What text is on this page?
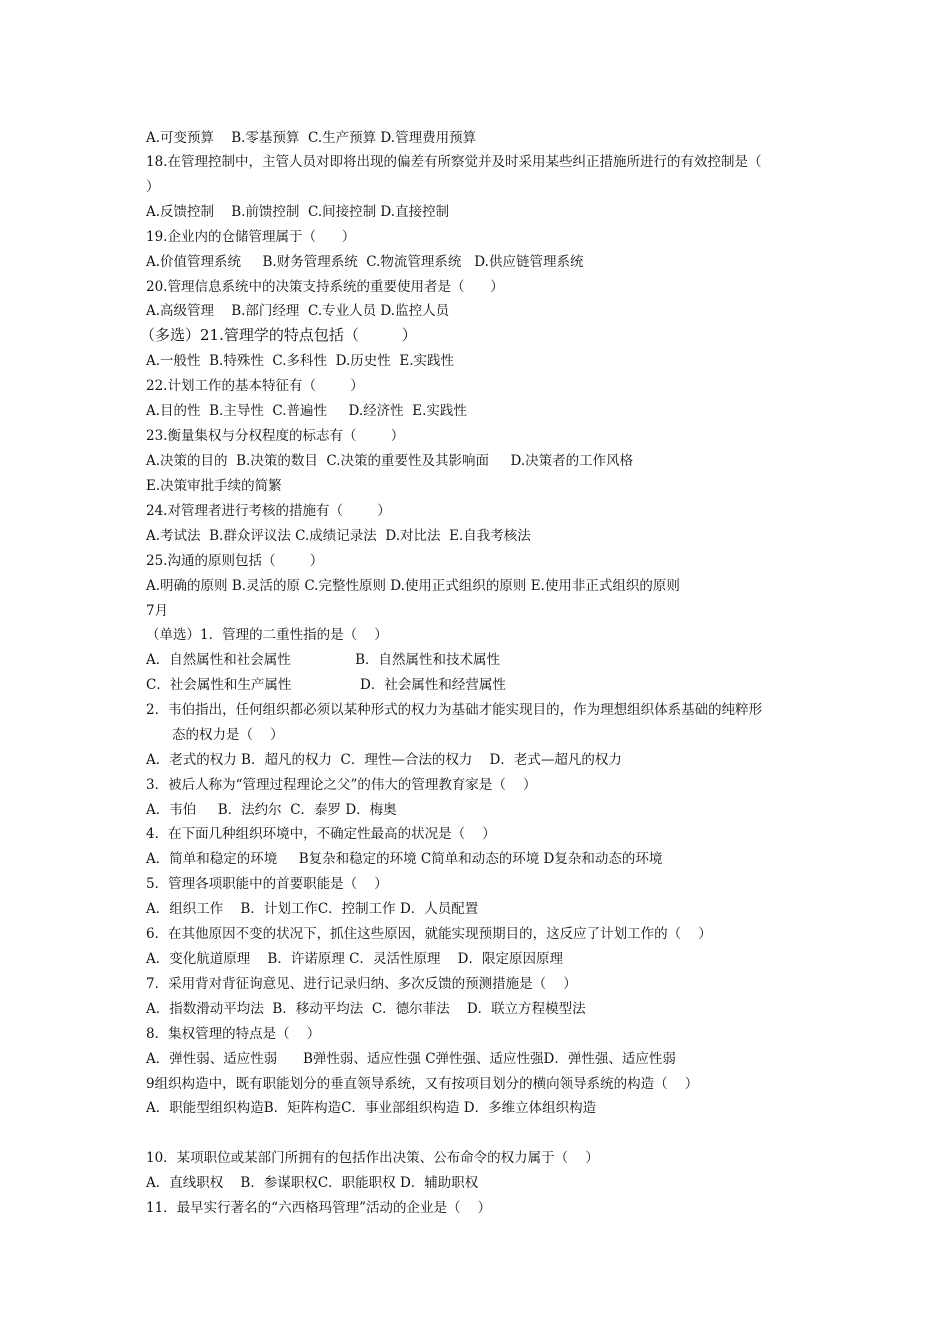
A.可变预算    B.零基预算  C.生产预算 D.管理费用预算
18.在管理控制中，主管人员对即将出现的偏差有所察觉并及时采用某些纠正措施所进行的有效控制是（
）
A.反馈控制    B.前馈控制  C.间接控制 D.直接控制
19.企业内的仓储管理属于（      ）
A.价值管理系统     B.财务管理系统  C.物流管理系统   D.供应链管理系统
20.管理信息系统中的决策支持系统的重要使用者是（      ）
A.高级管理    B.部门经理  C.专业人员 D.监控人员
（多选）21.管理学的特点包括（         ）
A.一般性  B.特殊性  C.多科性  D.历史性  E.实践性
22.计划工作的基本特征有（        ）
A.目的性  B.主导性  C.普遍性     D.经济性  E.实践性
23.衡量集权与分权程度的标志有（        ）
A.决策的目的  B.决策的数目  C.决策的重要性及其影响面     D.决策者的工作风格
E.决策审批手续的简繁
24.对管理者进行考核的措施有（        ）
A.考试法  B.群众评议法 C.成绩记录法  D.对比法  E.自我考核法
25.沟通的原则包括（        ）
A.明确的原则 B.灵活的原 C.完整性原则 D.使用正式组织的原则 E.使用非正式组织的原则
7月
（单选）1．管理的二重性指的是（    ）
A．自然属性和社会属性               B．自然属性和技术属性
C．社会属性和生产属性                D．社会属性和经营属性
2．韦伯指出，任何组织都必须以某种形式的权力为基础才能实现目的，作为理想组织体系基础的纯粹形
态的权力是（    ）
A．老式的权力 B．超凡的权力  C．理性—合法的权力    D．老式—超凡的权力
3．被后人称为“管理过程理论之父”的伟大的管理教育家是（    ）
A．韦伯     B．法约尔  C．泰罗 D．梅奥
4．在下面几种组织环境中，不确定性最高的状况是（    ）
A．简单和稳定的环境     B复杂和稳定的环境 C简单和动态的环境 D复杂和动态的环境
5．管理各项职能中的首要职能是（    ）
A．组织工作    B．计划工作C．控制工作 D．人员配置
6．在其他原因不变的状况下，抓住这些原因，就能实现预期目的，这反应了计划工作的（    ）
A．变化航道原理    B．许诺原理 C．灵活性原理    D．限定原因原理
7．采用背对背征询意见、进行记录归纳、多次反馈的预测措施是（    ）
A．指数滑动平均法  B．移动平均法  C．德尔菲法    D．联立方程模型法
8．集权管理的特点是（    ）
A．弹性弱、适应性弱      B弹性弱、适应性强 C弹性强、适应性强D．弹性强、适应性弱
9组织构造中，既有职能划分的垂直领导系统，又有按项目划分的横向领导系统的构造（    ）
A．职能型组织构造B．矩阵构造C．事业部组织构造 D．多维立体组织构造
10．某项职位或某部门所拥有的包括作出决策、公布命令的权力属于（    ）
A．直线职权    B．参谋职权C．职能职权 D．辅助职权
11．最早实行著名的“六西格玛管理”活动的企业是（    ）
